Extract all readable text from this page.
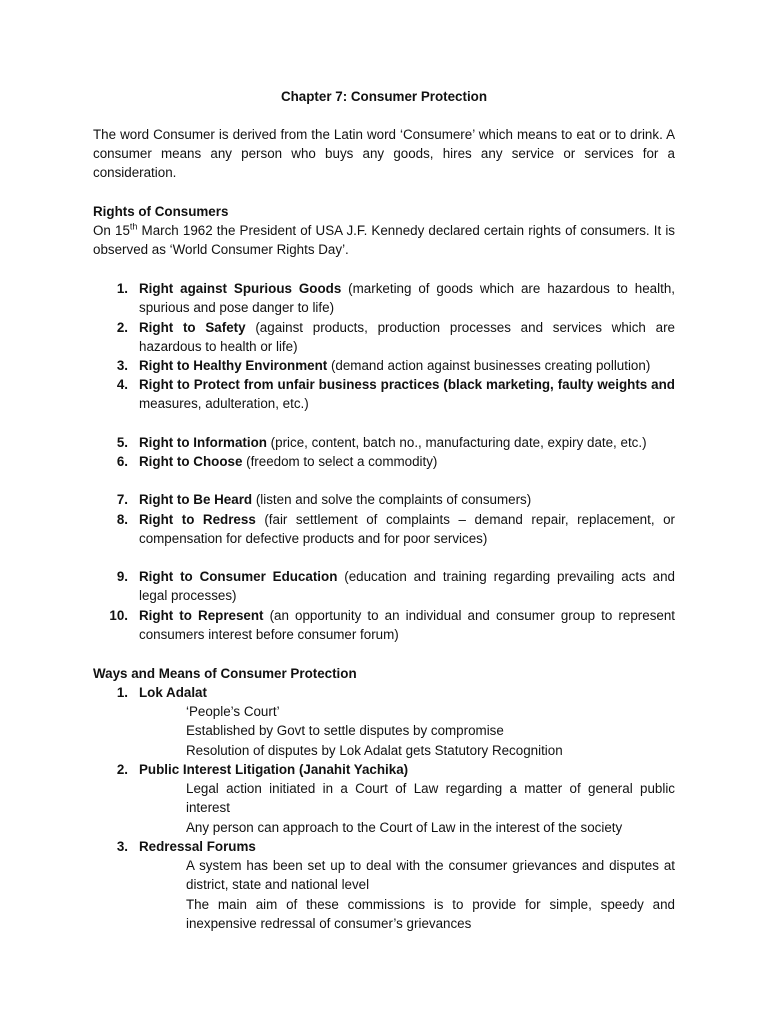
Chapter 7: Consumer Protection
The word Consumer is derived from the Latin word ‘Consumere’ which means to eat or to drink. A consumer means any person who buys any goods, hires any service or services for a consideration.
Rights of Consumers
On 15th March 1962 the President of USA J.F. Kennedy declared certain rights of consumers. It is observed as ‘World Consumer Rights Day’.
1. Right against Spurious Goods (marketing of goods which are hazardous to health, spurious and pose danger to life)
2. Right to Safety (against products, production processes and services which are hazardous to health or life)
3. Right to Healthy Environment (demand action against businesses creating pollution)
4. Right to Protect from unfair business practices (black marketing, faulty weights and measures, adulteration, etc.)
5. Right to Information (price, content, batch no., manufacturing date, expiry date, etc.)
6. Right to Choose (freedom to select a commodity)
7. Right to Be Heard (listen and solve the complaints of consumers)
8. Right to Redress (fair settlement of complaints – demand repair, replacement, or compensation for defective products and for poor services)
9. Right to Consumer Education (education and training regarding prevailing acts and legal processes)
10. Right to Represent (an opportunity to an individual and consumer group to represent consumers interest before consumer forum)
Ways and Means of Consumer Protection
1. Lok Adalat
‘People’s Court’
Established by Govt to settle disputes by compromise
Resolution of disputes by Lok Adalat gets Statutory Recognition
2. Public Interest Litigation (Janahit Yachika)
Legal action initiated in a Court of Law regarding a matter of general public interest
Any person can approach to the Court of Law in the interest of the society
3. Redressal Forums
A system has been set up to deal with the consumer grievances and disputes at district, state and national level
The main aim of these commissions is to provide for simple, speedy and inexpensive redressal of consumer’s grievances
